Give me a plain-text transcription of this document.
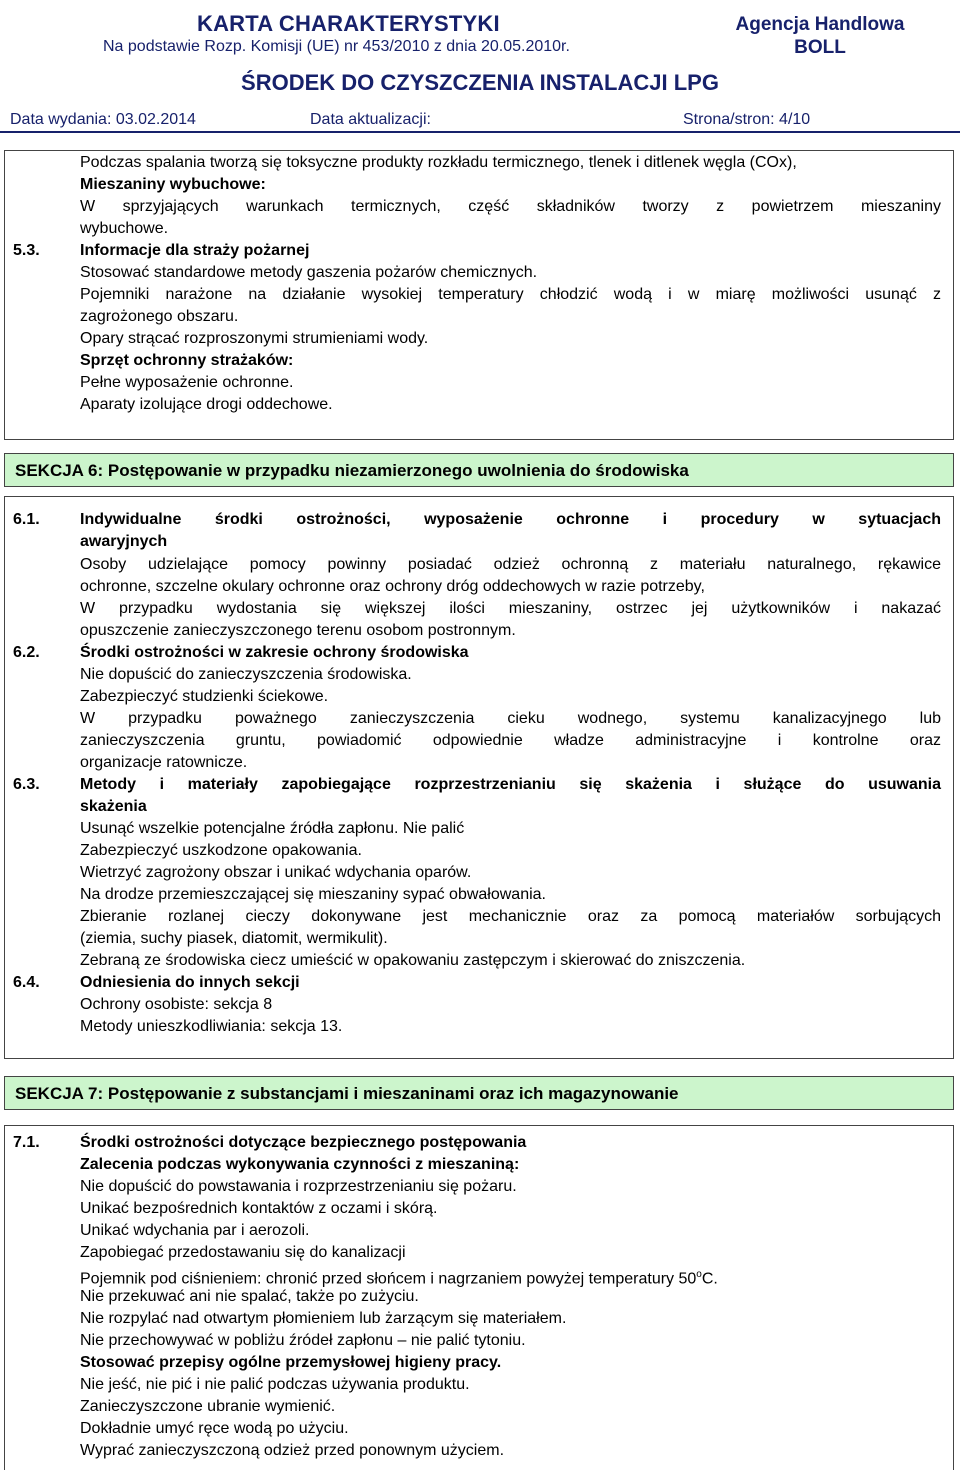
KARTA CHARAKTERYSTYKI
Na podstawie Rozp. Komisji (UE) nr 453/2010 z dnia 20.05.2010r.
Agencja Handlowa
BOLL
ŚRODEK DO CZYSZCZENIA INSTALACJI LPG
Data wydania: 03.02.2014	Data aktualizacji:	Strona/stron: 4/10
Podczas spalania tworzą się toksyczne produkty rozkładu termicznego, tlenek i ditlenek węgla (COx),
Mieszaniny wybuchowe:
W sprzyjających warunkach termicznych, część składników tworzy z powietrzem mieszaniny
wybuchowe.
5.3.	Informacje dla straży pożarnej
Stosować standardowe metody gaszenia pożarów chemicznych.
Pojemniki narażone na działanie wysokiej temperatury chłodzić wodą i w miarę możliwości usunąć z
zagrożonego obszaru.
Opary strącać rozproszonymi strumieniami wody.
Sprzęt ochronny strażaków:
Pełne wyposażenie ochronne.
Aparaty izolujące drogi oddechowe.
SEKCJA 6: Postępowanie w przypadku niezamierzonego uwolnienia do środowiska
6.1.	Indywidualne środki ostrożności, wyposażenie ochronne i procedury w sytuacjach
awaryjnych
Osoby udzielające pomocy powinny posiadać odzież ochronną z materiału naturalnego, rękawice
ochronne, szczelne okulary ochronne oraz ochrony dróg oddechowych w razie potrzeby,
W przypadku wydostania się większej ilości mieszaniny, ostrzec jej użytkowników i nakazać
opuszczenie zanieczyszczonego terenu osobom postronnym.
6.2.	Środki ostrożności w zakresie ochrony środowiska
Nie dopuścić do zanieczyszczenia środowiska.
Zabezpieczyć studzienki ściekowe.
W przypadku poważnego zanieczyszczenia cieku wodnego, systemu kanalizacyjnego lub
zanieczyszczenia gruntu, powiadomić odpowiednie władze administracyjne i kontrolne oraz
organizacje ratownicze.
6.3.	Metody i materiały zapobiegające rozprzestrzenianiu się skażenia i służące do usuwania
skażenia
Usunąć wszelkie potencjalne źródła zapłonu. Nie palić
Zabezpieczyć uszkodzone opakowania.
Wietrzyć zagrożony obszar i unikać wdychania oparów.
Na drodze przemieszczającej się mieszaniny sypać obwałowania.
Zbieranie rozlanej cieczy dokonywane jest mechanicznie oraz za pomocą materiałów sorbujących
(ziemia, suchy piasek, diatomit, wermikulit).
Zebraną ze środowiska ciecz umieścić w opakowaniu zastępczym i skierować do zniszczenia.
6.4.	Odniesienia do innych sekcji
Ochrony osobiste: sekcja 8
Metody unieszkodliwiania: sekcja 13.
SEKCJA 7: Postępowanie z substancjami i mieszaninami oraz ich magazynowanie
7.1.	Środki ostrożności dotyczące bezpiecznego postępowania
Zalecenia podczas wykonywania czynności z mieszaniną:
Nie dopuścić do powstawania i rozprzestrzenianiu się pożaru.
Unikać bezpośrednich kontaktów z oczami i skórą.
Unikać wdychania par i aerozoli.
Zapobiegać przedostawaniu się do kanalizacji
Pojemnik pod ciśnieniem: chronić przed słońcem i nagrzaniem powyżej temperatury 50$^o$C.
Nie przekuwać ani nie spalać, także po zużyciu.
Nie rozpylać nad otwartym płomieniem lub żarzącym się materiałem.
Nie przechowywać w pobliżu źródeł zapłonu – nie palić tytoniu.
Stosować przepisy ogólne przemysłowej higieny pracy.
Nie jeść, nie pić i nie palić podczas używania produktu.
Zanieczyszczone ubranie wymienić.
Dokładnie umyć ręce wodą po użyciu.
Wyprać zanieczyszczoną odzież przed ponownym użyciem.
